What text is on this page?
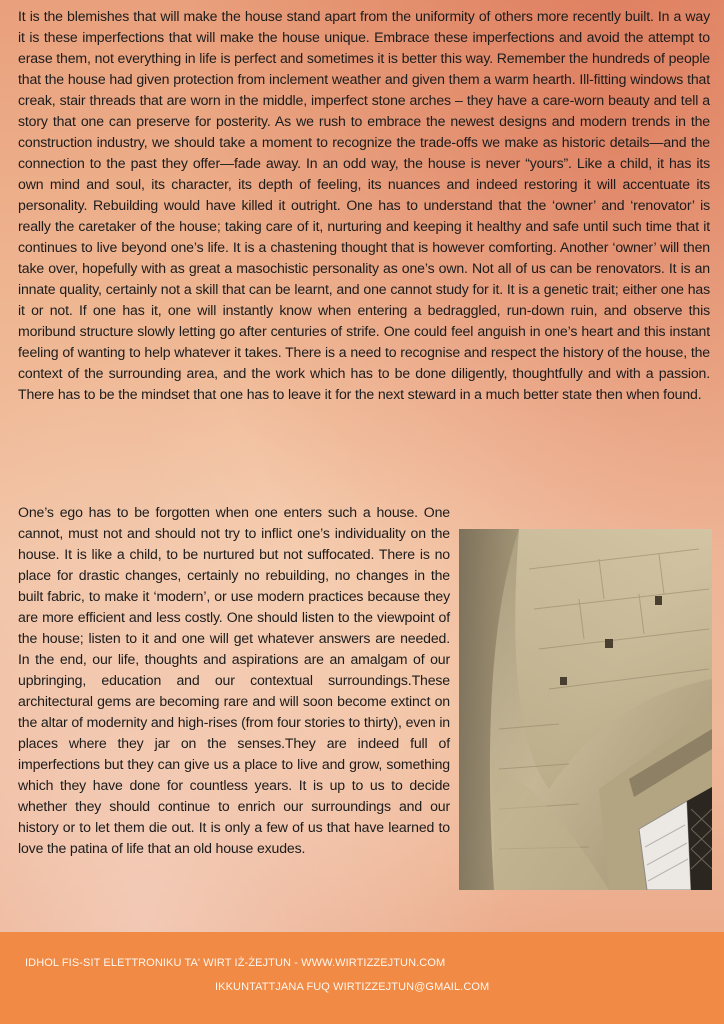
It is the blemishes that will make the house stand apart from the uniformity of others more recently built. In a way it is these imperfections that will make the house unique. Embrace these imperfections and avoid the attempt to erase them, not everything in life is perfect and sometimes it is better this way. Remember the hundreds of people that the house had given protection from inclement weather and given them a warm hearth. Ill-fitting windows that creak, stair threads that are worn in the middle, imperfect stone arches – they have a care-worn beauty and tell a story that one can preserve for posterity. As we rush to embrace the newest designs and modern trends in the construction industry, we should take a moment to recognize the trade-offs we make as historic details—and the connection to the past they offer—fade away. In an odd way, the house is never “yours”. Like a child, it has its own mind and soul, its character, its depth of feeling, its nuances and indeed restoring it will accentuate its personality. Rebuilding would have killed it outright. One has to understand that the ‘owner’ and ‘renovator’ is really the caretaker of the house; taking care of it, nurturing and keeping it healthy and safe until such time that it continues to live beyond one’s life. It is a chastening thought that is however comforting. Another ‘owner’ will then take over, hopefully with as great a masochistic personality as one’s own. Not all of us can be renovators. It is an innate quality, certainly not a skill that can be learnt, and one cannot study for it. It is a genetic trait; either one has it or not. If one has it, one will instantly know when entering a bedraggled, run-down ruin, and observe this moribund structure slowly letting go after centuries of strife. One could feel anguish in one’s heart and this instant feeling of wanting to help whatever it takes. There is a need to recognise and respect the history of the house, the context of the surrounding area, and the work which has to be done diligently, thoughtfully and with a passion. There has to be the mindset that one has to leave it for the next steward in a much better state then when found.

One’s ego has to be forgotten when one enters such a house. One cannot, must not and should not try to inflict one’s individuality on the house. It is like a child, to be nurtured but not suffocated. There is no place for drastic changes, certainly no rebuilding, no changes in the built fabric, to make it ‘modern’, or use modern practices because they are more efficient and less costly. One should listen to the viewpoint of the house; listen to it and one will get whatever answers are needed. In the end, our life, thoughts and aspirations are an amalgam of our upbringing, education and our contextual surroundings.These architectural gems are becoming rare and will soon become extinct on the altar of modernity and high-rises (from four stories to thirty), even in places where they jar on the senses.They are indeed full of imperfections but they can give us a place to live and grow, something which they have done for countless years. It is up to us to decide whether they should continue to enrich our surroundings and our history or to let them die out. It is only a few of us that have learned to love the patina of life that an old house exudes.

IDHOL FIS-SIT ELETTRONIKU TA' WIRT IŻ-ŻEJTUN - WWW.WIRTIZZEJTUN.COM
IKKUNTATTJANA FUQ WIRTIZZEJTUN@GMAIL.COM
